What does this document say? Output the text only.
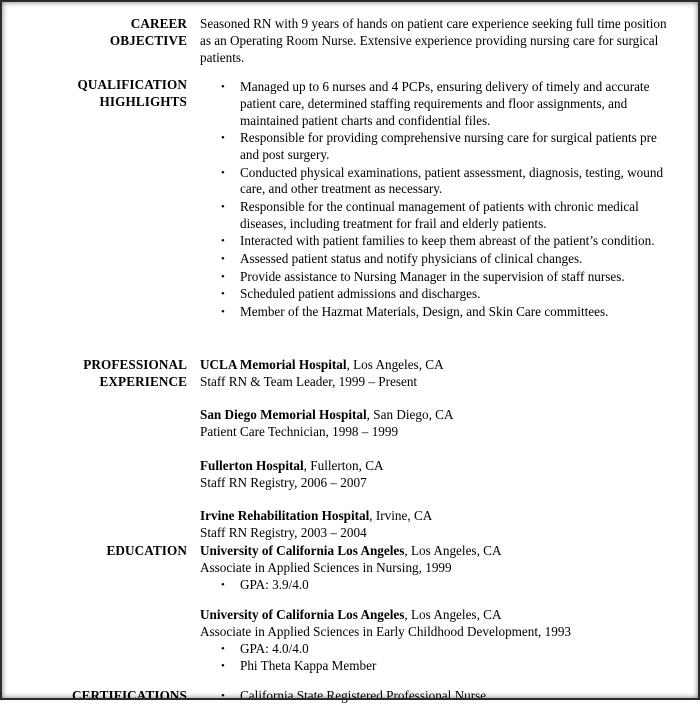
CAREER
OBJECTIVE

Seasoned RN with 9 years of hands on patient care experience seeking full time position as an Operating Room Nurse. Extensive experience providing nursing care for surgical patients.

QUALIFICATION
HIGHLIGHTS
• Managed up to 6 nurses and 4 PCPs, ensuring delivery of timely and accurate patient care, determined staffing requirements and floor assignments, and maintained patient charts and confidential files.
• Responsible for providing comprehensive nursing care for surgical patients pre and post surgery.
• Conducted physical examinations, patient assessment, diagnosis, testing, wound care, and other treatment as necessary.
• Responsible for the continual management of patients with chronic medical diseases, including treatment for frail and elderly patients.
• Interacted with patient families to keep them abreast of the patient’s condition.
• Assessed patient status and notify physicians of clinical changes.
• Provide assistance to Nursing Manager in the supervision of staff nurses.
• Scheduled patient admissions and discharges.
• Member of the Hazmat Materials, Design, and Skin Care committees.
PROFESSIONAL
EXPERIENCE
UCLA Memorial Hospital, Los Angeles, CA
Staff RN & Team Leader, 1999 – Present
San Diego Memorial Hospital, San Diego, CA
Patient Care Technician, 1998 – 1999
Fullerton Hospital, Fullerton, CA
Staff RN Registry, 2006 – 2007
Irvine Rehabilitation Hospital, Irvine, CA
Staff RN Registry, 2003 – 2004
EDUCATION University of California Los Angeles, Los Angeles, CA
Associate in Applied Sciences in Nursing, 1999
• GPA: 3.9/4.0
University of California Los Angeles, Los Angeles, CA
Associate in Applied Sciences in Early Childhood Development, 1993
• GPA: 4.0/4.0
• Phi Theta Kappa Member
CERTIFICATIONS	• California State Registered Professional Nurse
